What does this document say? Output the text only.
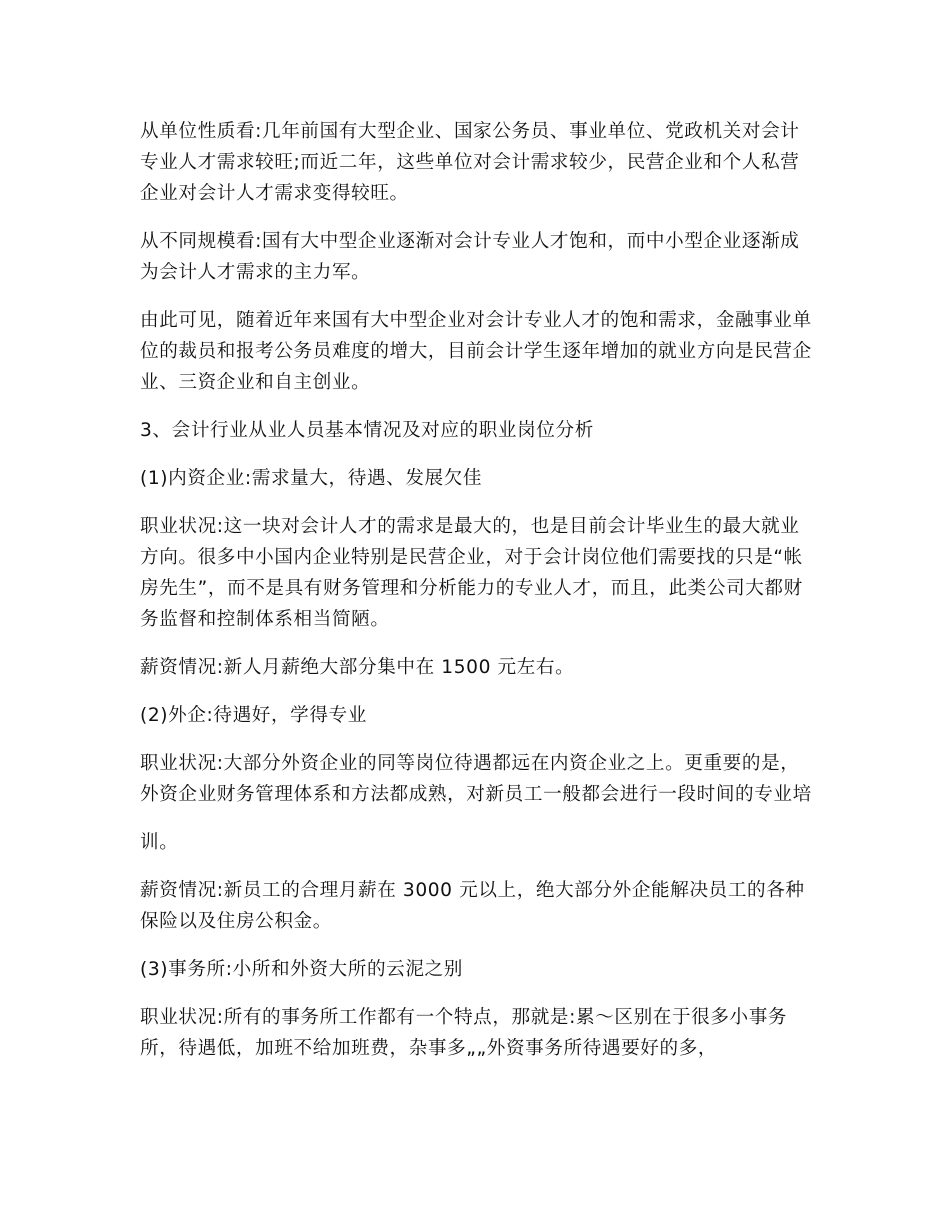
从单位性质看:几年前国有大型企业、国家公务员、事业单位、党政机关对会计专业人才需求较旺;而近二年，这些单位对会计需求较少，民营企业和个人私营企业对会计人才需求变得较旺。

从不同规模看:国有大中型企业逐渐对会计专业人才饱和，而中小型企业逐渐成为会计人才需求的主力军。

由此可见，随着近年来国有大中型企业对会计专业人才的饱和需求，金融事业单位的裁员和报考公务员难度的增大，目前会计学生逐年增加的就业方向是民营企业、三资企业和自主创业。

3、会计行业从业人员基本情况及对应的职业岗位分析

(1)内资企业:需求量大，待遇、发展欠佳

职业状况:这一块对会计人才的需求是最大的，也是目前会计毕业生的最大就业方向。很多中小国内企业特别是民营企业，对于会计岗位他们需要找的只是“帐房先生”，而不是具有财务管理和分析能力的专业人才，而且，此类公司大都财务监督和控制体系相当简陋。

薪资情况:新人月薪绝大部分集中在 1500 元左右。

(2)外企:待遇好，学得专业

职业状况:大部分外资企业的同等岗位待遇都远在内资企业之上。更重要的是，外资企业财务管理体系和方法都成熟，对新员工一般都会进行一段时间的专业培

训。

薪资情况:新员工的合理月薪在 3000 元以上，绝大部分外企能解决员工的各种保险以及住房公积金。

(3)事务所:小所和外资大所的云泥之别

职业状况:所有的事务所工作都有一个特点，那就是:累～区别在于很多小事务所，待遇低，加班不给加班费，杂事多„„外资事务所待遇要好的多，
